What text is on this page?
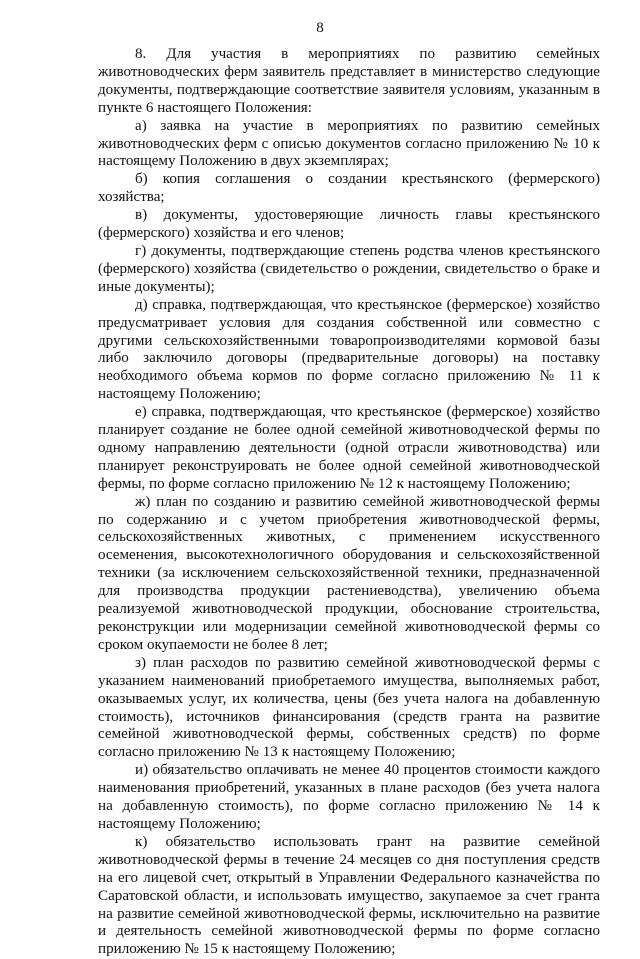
8

8. Для участия в мероприятиях по развитию семейных животноводческих ферм заявитель представляет в министерство следующие документы, подтверждающие соответствие заявителя условиям, указанным в пункте 6 настоящего Положения:

а) заявка на участие в мероприятиях по развитию семейных животноводческих ферм с описью документов согласно приложению № 10 к настоящему Положению в двух экземплярах;

б) копия соглашения о создании крестьянского (фермерского) хозяйства;

в) документы, удостоверяющие личность главы крестьянского (фермерского) хозяйства и его членов;

г) документы, подтверждающие степень родства членов крестьянского (фермерского) хозяйства (свидетельство о рождении, свидетельство о браке и иные документы);

д) справка, подтверждающая, что крестьянское (фермерское) хозяйство предусматривает условия для создания собственной или совместно с другими сельскохозяйственными товаропроизводителями кормовой базы либо заключило договоры (предварительные договоры) на поставку необходимого объема кормов по форме согласно приложению № 11 к настоящему Положению;

е) справка, подтверждающая, что крестьянское (фермерское) хозяйство планирует создание не более одной семейной животноводческой фермы по одному направлению деятельности (одной отрасли животноводства) или планирует реконструировать не более одной семейной животноводческой фермы, по форме согласно приложению № 12 к настоящему Положению;

ж) план по созданию и развитию семейной животноводческой фермы по содержанию и с учетом приобретения животноводческой фермы, сельскохозяйственных животных, с применением искусственного осеменения, высокотехнологичного оборудования и сельскохозяйственной техники (за исключением сельскохозяйственной техники, предназначенной для производства продукции растениеводства), увеличению объема реализуемой животноводческой продукции, обоснование строительства, реконструкции или модернизации семейной животноводческой фермы со сроком окупаемости не более 8 лет;

з) план расходов по развитию семейной животноводческой фермы с указанием наименований приобретаемого имущества, выполняемых работ, оказываемых услуг, их количества, цены (без учета налога на добавленную стоимость), источников финансирования (средств гранта на развитие семейной животноводческой фермы, собственных средств) по форме согласно приложению № 13 к настоящему Положению;

и) обязательство оплачивать не менее 40 процентов стоимости каждого наименования приобретений, указанных в плане расходов (без учета налога на добавленную стоимость), по форме согласно приложению № 14 к настоящему Положению;

к) обязательство использовать грант на развитие семейной животноводческой фермы в течение 24 месяцев со дня поступления средств на его лицевой счет, открытый в Управлении Федерального казначейства по Саратовской области, и использовать имущество, закупаемое за счет гранта на развитие семейной животноводческой фермы, исключительно на развитие и деятельность семейной животноводческой фермы по форме согласно приложению № 15 к настоящему Положению;
